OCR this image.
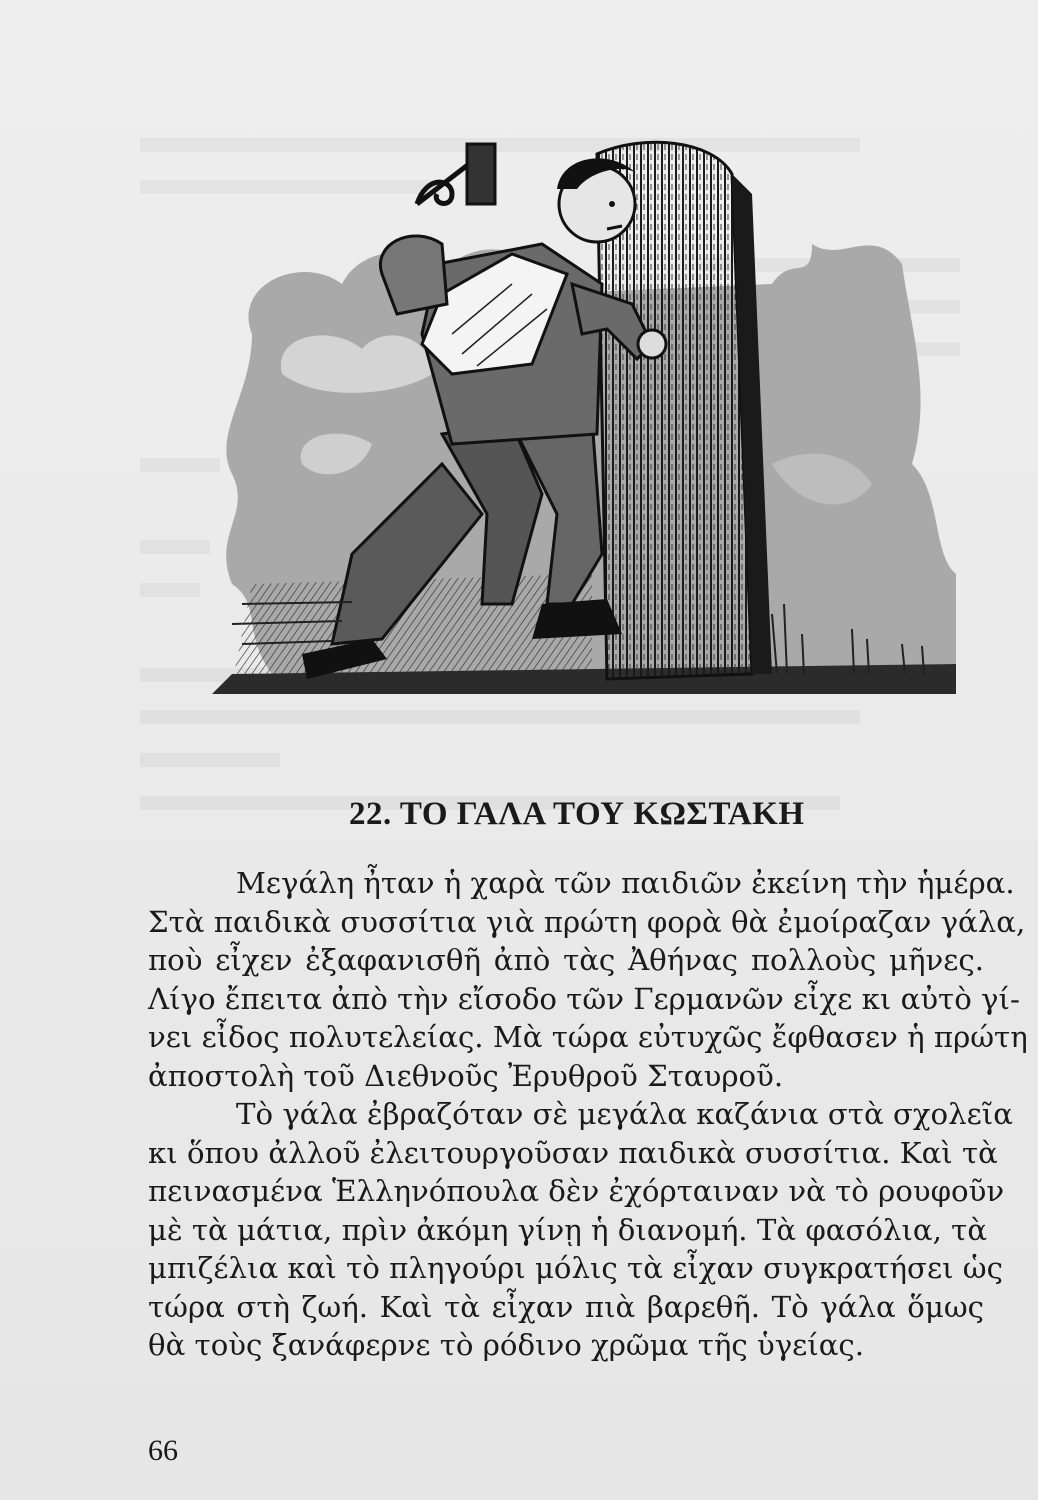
22. ΤΟ ΓΑΛΑ ΤΟΥ ΚΩΣΤΑΚΗ
Μεγάλη ἦταν ἡ χαρὰ τῶν παιδιῶν ἐκείνη τὴν ἡμέρα.
Στὰ παιδικὰ συσσίτια γιὰ πρώτη φορὰ θὰ ἐμοίραζαν γάλα,
ποὺ εἶχεν ἐξαφανισθῆ ἀπὸ τὰς Ἀθήνας πολλοὺς μῆνες.
Λίγο ἔπειτα ἀπὸ τὴν εἴσοδο τῶν Γερμανῶν εἶχε κι αὐτὸ γί-
νει εἶδος πολυτελείας. Μὰ τώρα εὐτυχῶς ἔφθασεν ἡ πρώτη
ἀποστολὴ τοῦ Διεθνοῦς Ἐρυθροῦ Σταυροῦ.
Τὸ γάλα ἐβραζόταν σὲ μεγάλα καζάνια στὰ σχολεῖα
κι ὅπου ἀλλοῦ ἐλειτουργοῦσαν παιδικὰ συσσίτια. Καὶ τὰ
πεινασμένα Ἑλληνόπουλα δὲν ἐχόρταιναν νὰ τὸ ρουφοῦν
μὲ τὰ μάτια, πρὶν ἀκόμη γίνῃ ἡ διανομή. Τὰ φασόλια, τὰ
μπιζέλια καὶ τὸ πληγούρι μόλις τὰ εἶχαν συγκρατήσει ὡς
τώρα στὴ ζωή. Καὶ τὰ εἶχαν πιὰ βαρεθῆ. Τὸ γάλα ὅμως
θὰ τοὺς ξανάφερνε τὸ ρόδινο χρῶμα τῆς ὑγείας.
66
